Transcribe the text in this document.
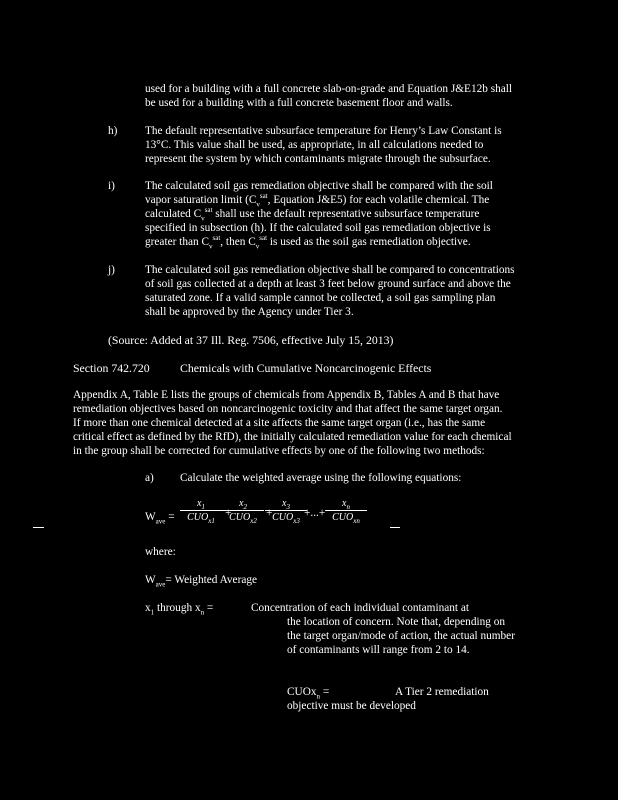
used for a building with a full concrete slab-on-grade and Equation J&E12b shall
be used for a building with a full concrete basement floor and walls.
h) The default representative subsurface temperature for Henry’s Law Constant is
13°C. This value shall be used, as appropriate, in all calculations needed to
represent the system by which contaminants migrate through the subsurface.
i)	The calculated soil gas remediation objective shall be compared with the soil
vapor saturation limit ($C_v^{sat}$, Equation J&E5) for each volatile chemical. The
calculated $C_v^{sat}$ shall use the default representative subsurface temperature
specified in subsection (h). If the calculated soil gas remediation objective is
greater than $C_v^{sat}$, then $C_v^{sat}$ is used as the soil gas remediation objective.
j)	The calculated soil gas remediation objective shall be compared to concentrations
of soil gas collected at a depth at least 3 feet below ground surface and above the
saturated zone. If a valid sample cannot be collected, a soil gas sampling plan
shall be approved by the Agency under Tier 3.
(Source: Added at 37 Ill. Reg. 7506, effective July 15, 2013)
Section 742.720	Chemicals with Cumulative Noncarcinogenic Effects
Appendix A, Table E lists the groups of chemicals from Appendix B, Tables A and B that have
remediation objectives based on noncarcinogenic toxicity and that affect the same target organ.
If more than one chemical detected at a site affects the same target organ (i.e., has the same
critical effect as defined by the RfD), the initially calculated remediation value for each chemical
in the group shall be corrected for cumulative effects by one of the following two methods:
a) Calculate the weighted average using the following equations:
$W_{ave}$ =
$x_1$
$CUO_{x1}$
+
$x_2$
$CUO_{x2}$
+
$x_3$
$CUO_{x3}$
+...+
$x_n$
$CUO_{xn}$
where:
$W_{ave}=$ Weighted Average
$x_1$ through $x_n$ =	Concentration of each individual contaminant at
the location of concern. Note that, depending on
the target organ/mode of action, the actual number
of contaminants will range from 2 to 14.
CUOx$_n$ =	A Tier 2 remediation
objective must be developed
